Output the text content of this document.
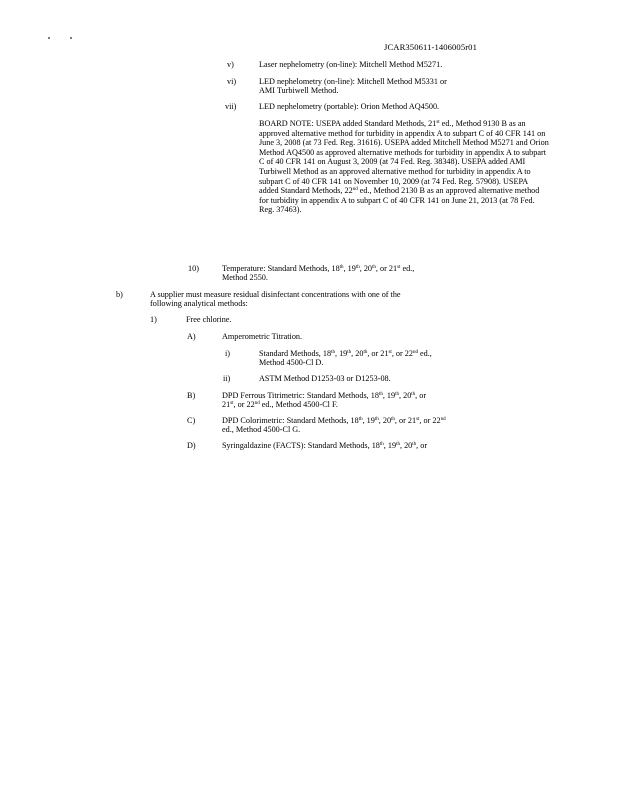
JCAR350611-1406005r01
v)	Laser nephelometry (on-line): Mitchell Method M5271.
vi)	LED nephelometry (on-line): Mitchell Method M5331 or
AMI Turbiwell Method.
vii)	LED nephelometry (portable): Orion Method AQ4500.
BOARD NOTE: USEPA added Standard Methods, 21st ed., Method 9130 B as an approved alternative method for turbidity in appendix A to subpart C of 40 CFR 141 on June 3, 2008 (at 73 Fed. Reg. 31616). USEPA added Mitchell Method M5271 and Orion Method AQ4500 as approved alternative methods for turbidity in appendix A to subpart C of 40 CFR 141 on August 3, 2009 (at 74 Fed. Reg. 38348). USEPA added AMI Turbiwell Method as an approved alternative method for turbidity in appendix A to subpart C of 40 CFR 141 on November 10, 2009 (at 74 Fed. Reg. 57908). USEPA added Standard Methods, 22nd ed., Method 2130 B as an approved alternative method for turbidity in appendix A to subpart C of 40 CFR 141 on June 21, 2013 (at 78 Fed. Reg. 37463).
10)	Temperature: Standard Methods, 18th, 19th, 20th, or 21st ed.,
Method 2550.
b)	A supplier must measure residual disinfectant concentrations with one of the
following analytical methods:
1)	Free chlorine.
A)	Amperometric Titration.
i)	Standard Methods, 18th, 19th, 20th, or 21st, or 22nd ed.,
Method 4500-Cl D.
ii)	ASTM Method D1253-03 or D1253-08.
B)	DPD Ferrous Titrimetric: Standard Methods, 18th, 19th, 20th, or
21st, or 22nd ed., Method 4500-Cl F.
C)	DPD Colorimetric: Standard Methods, 18th, 19th, 20th, or 21st, or 22nd
ed., Method 4500-Cl G.
D)	Syringaldazine (FACTS): Standard Methods, 18th, 19th, 20th, or
